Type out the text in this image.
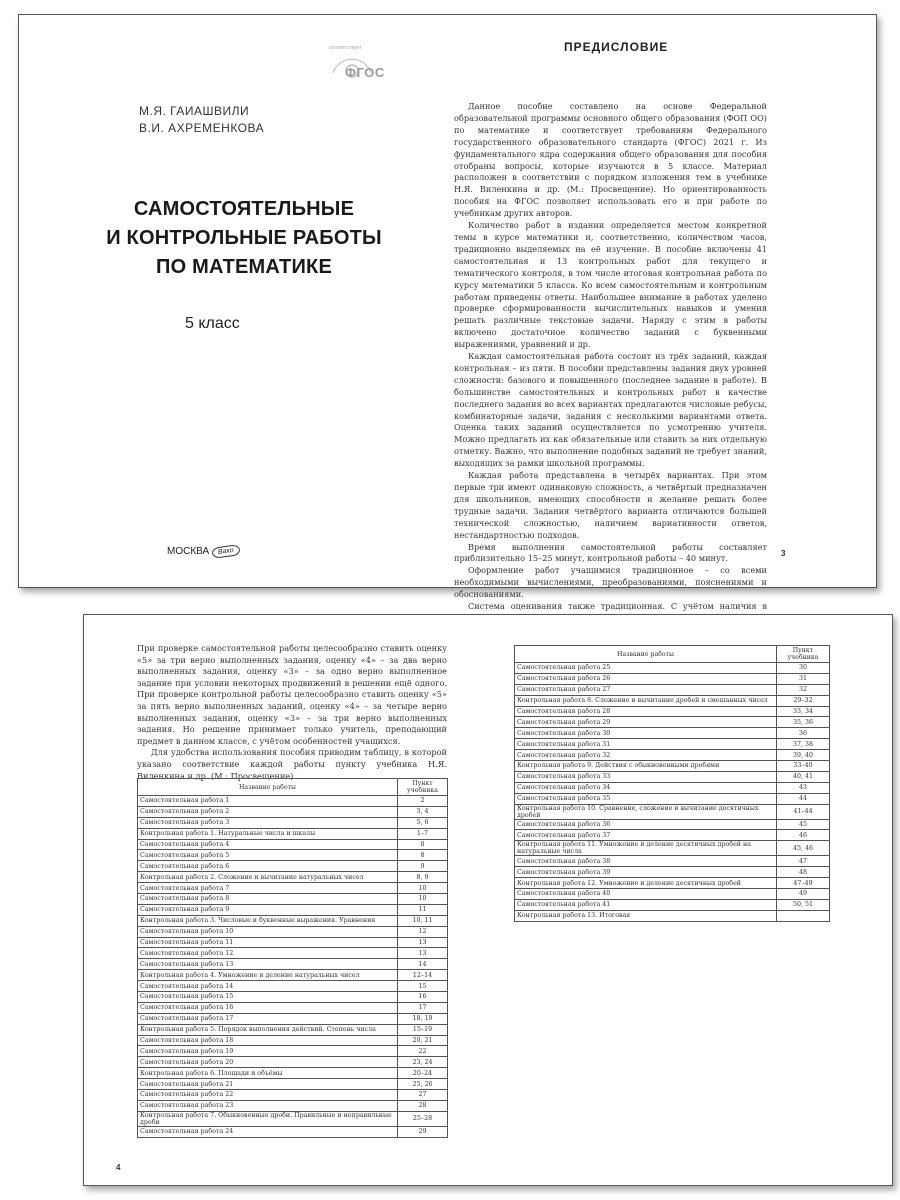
соответствует
ФГОС
М.Я. ГАИАШВИЛИ
В.И. АХРЕМЕНКОВА
САМОСТОЯТЕЛЬНЫЕ
И КОНТРОЛЬНЫЕ РАБОТЫ
ПО МАТЕМАТИКЕ
5 класс
МОСКВА	Вако
ПРЕДИСЛОВИЕ

Данное пособие составлено на основе Федеральной образовательной программы основного общего образования (ФОП ОО) по математике и соответствует требованиям Федерального государственного образовательного стандарта (ФГОС) 2021 г. Из фундаментального ядра содержания общего образования для пособия отобраны вопросы, которые изучаются в 5 классе. Материал расположен в соответствии с порядком изложения тем в учебнике Н.Я. Виленкина и др. (М.: Просвещение). Но ориентированность пособия на ФГОС позволяет использовать его и при работе по учебникам других авторов.

Количество работ в издании определяется местом конкретной темы в курсе математики и, соответственно, количеством часов, традиционно выделяемых на её изучение. В пособие включены 41 самостоятельная и 13 контрольных работ для текущего и тематического контроля, в том числе итоговая контрольная работа по курсу математики 5 класса. Ко всем самостоятельным и контрольным работам приведены ответы. Наибольшее внимание в работах уделено проверке сформированности вычислительных навыков и умения решать различные текстовые задачи. Наряду с этим в работы включено достаточное количество заданий с буквенными выражениями, уравнений и др.

Каждая самостоятельная работа состоит из трёх заданий, каждая контрольная – из пяти. В пособии представлены задания двух уровней сложности: базового и повышенного (последнее задание в работе). В большинстве самостоятельных и контрольных работ в качестве последнего задания во всех вариантах предлагаются числовые ребусы, комбинаторные задачи, задания с несколькими вариантами ответа. Оценка таких заданий осуществляется по усмотрению учителя. Можно предлагать их как обязательные или ставить за них отдельную отметку. Важно, что выполнение подобных заданий не требует знаний, выходящих за рамки школьной программы.

Каждая работа представлена в четырёх вариантах. При этом первые три имеют одинаковую сложность, а четвёртый предназначен для школьников, имеющих способности и желание решать более трудные задачи. Задания четвёртого варианта отличаются большей технической сложностью, наличием вариативности ответов, нестандартностью подходов.

Время выполнения самостоятельной работы составляет приблизительно 15–25 минут, контрольной работы – 40 минут.

Оформление работ учащимися традиционное – со всеми необходимыми вычислениями, преобразованиями, пояснениями и обоснованиями.

Система оценивания также традиционная. С учётом наличия в

3

При проверке самостоятельной работы целесообразно ставить оценку «5» за три верно выполненных задания, оценку «4» – за два верно выполненных задания, оценку «3» – за одно верно выполненное задание при условии некоторых продвижений в решении ещё одного. При проверке контрольной работы целесообразно ставить оценку «5» за пять верно выполненных заданий, оценку «4» – за четыре верно выполненных задания, оценку «3» – за три верно выполненных задания. Но решение принимает только учитель, преподающий предмет в данном классе, с учётом особенностей учащихся.

Для удобства использования пособия приводим таблицу, в которой указано соответствие каждой работы пункту учебника Н.Я. Виленкина и др. (М.: Просвещение).

Название работы	Пункт учебника
Самостоятельная работа 1	2
Самостоятельная работа 2	3, 4
Самостоятельная работа 3	5, 6
Контрольная работа 1. Натуральные числа и шкалы	1–7
Самостоятельная работа 4	8
Самостоятельная работа 5	8
Самостоятельная работа 6	9
Контрольная работа 2. Сложение и вычитание натуральных чисел	8, 9
Самостоятельная работа 7	10
Самостоятельная работа 8	10
Самостоятельная работа 9	11
Контрольная работа 3. Числовые и буквенные выражения. Уравнения	10, 11
Самостоятельная работа 10	12
Самостоятельная работа 11	13
Самостоятельная работа 12	13
Самостоятельная работа 13	14
Контрольная работа 4. Умножение и деление натуральных чисел	12–14
Самостоятельная работа 14	15
Самостоятельная работа 15	16
Самостоятельная работа 16	17
Самостоятельная работа 17	18, 19
Контрольная работа 5. Порядок выполнения действий. Степень числа	15–19
Самостоятельная работа 18	20, 21
Самостоятельная работа 19	22
Самостоятельная работа 20	23, 24
Контрольная работа 6. Площади и объёмы	20–24
Самостоятельная работа 21	25, 26
Самостоятельная работа 22	27
Самостоятельная работа 23	28
Контрольная работа 7. Обыкновенные дроби. Правильные и неправильные дроби	25–28
Самостоятельная работа 24	29
4
Название работы	Пункт учебника
Самостоятельная работа 25	30
Самостоятельная работа 26	31
Самостоятельная работа 27	32
Контрольная работа 8. Сложение и вычитание дробей и смешанных чисел	29–32
Самостоятельная работа 28	33, 34
Самостоятельная работа 29	35, 36
Самостоятельная работа 30	36
Самостоятельная работа 31	37, 38
Самостоятельная работа 32	39, 40
Контрольная работа 9. Действия с обыкновенными дробями	33–40
Самостоятельная работа 33	40, 41
Самостоятельная работа 34	43
Самостоятельная работа 35	44
Контрольная работа 10. Сравнение, сложение и вычитание десятичных дробей	41–44
Самостоятельная работа 36	45
Самостоятельная работа 37	46
Контрольная работа 11. Умножение и деление десятичных дробей на натуральные числа	45, 46
Самостоятельная работа 38	47
Самостоятельная работа 39	48
Контрольная работа 12. Умножение и деление десятичных дробей	47–49
Самостоятельная работа 40	49
Самостоятельная работа 41	50, 51
Контрольная работа 13. Итоговая	
